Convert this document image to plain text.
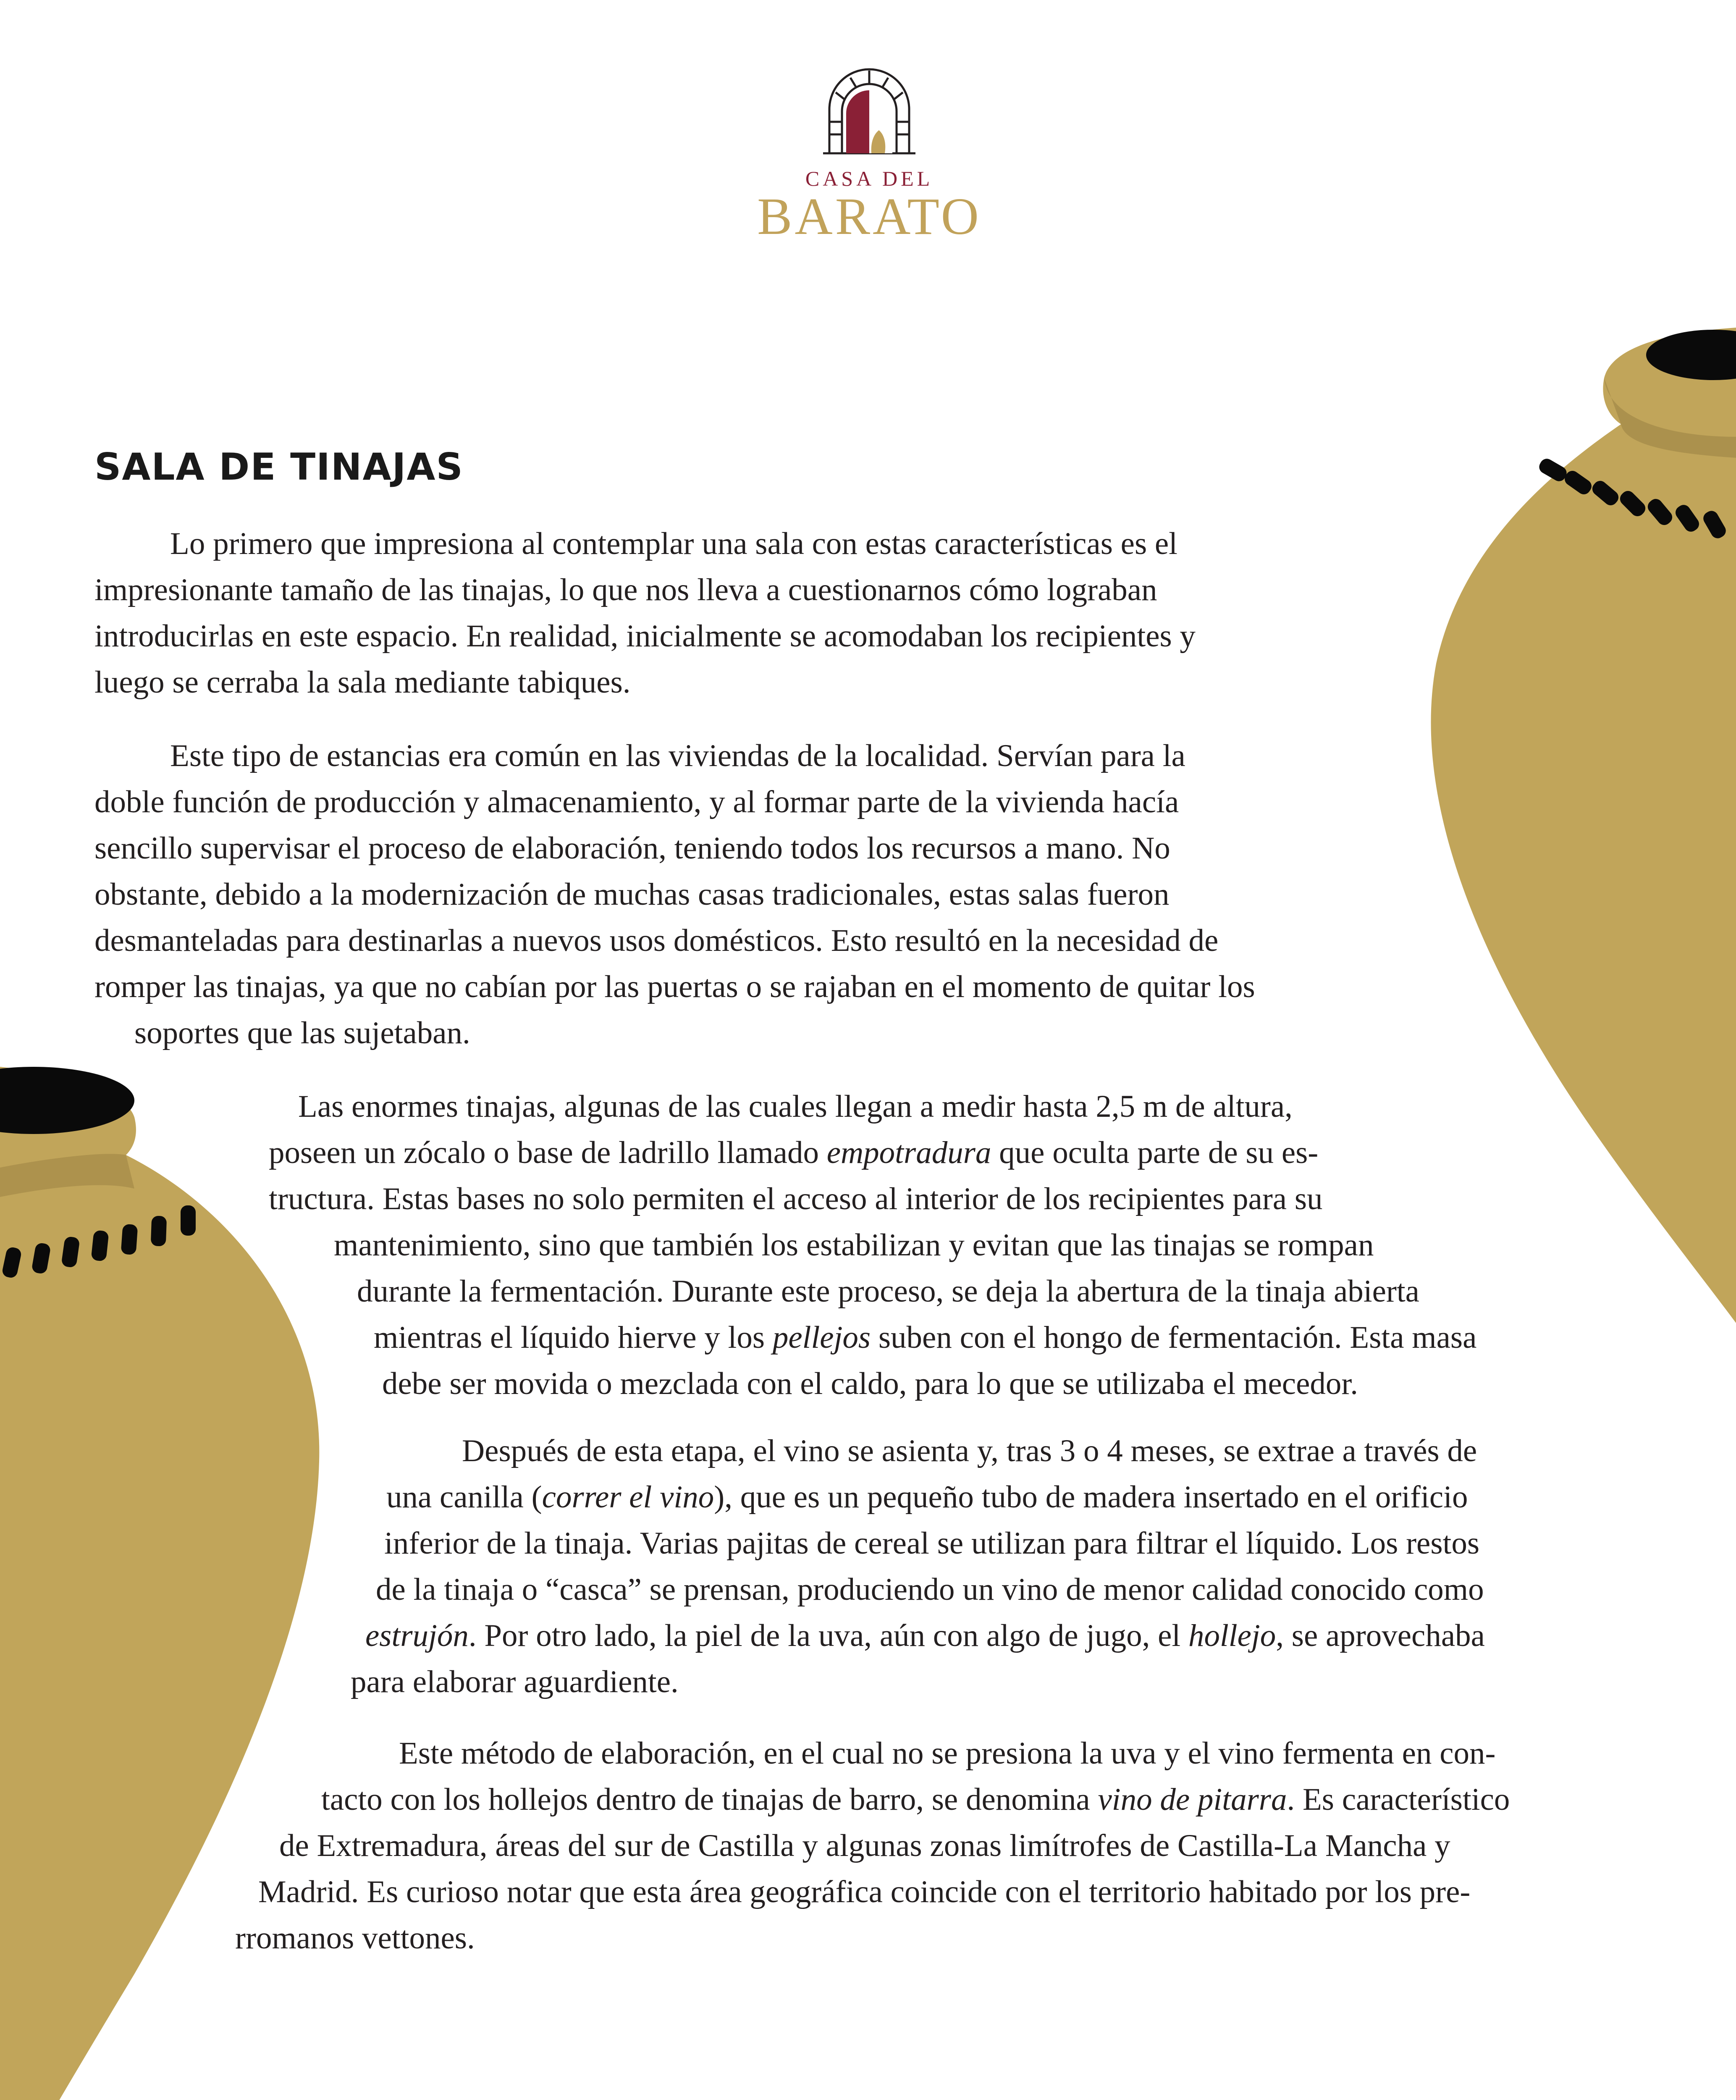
CASA DEL
BARATO
SALA DE TINAJAS
Lo primero que impresiona al contemplar una sala con estas características es el
impresionante tamaño de las tinajas, lo que nos lleva a cuestionarnos cómo lograban
introducirlas en este espacio. En realidad, inicialmente se acomodaban los recipientes y
luego se cerraba la sala mediante tabiques.
Este tipo de estancias era común en las viviendas de la localidad. Servían para la
doble función de producción y almacenamiento, y al formar parte de la vivienda hacía
sencillo supervisar el proceso de elaboración, teniendo todos los recursos a mano. No
obstante, debido a la modernización de muchas casas tradicionales, estas salas fueron
desmanteladas para destinarlas a nuevos usos domésticos. Esto resultó en la necesidad de
romper las tinajas, ya que no cabían por las puertas o se rajaban en el momento de quitar los
soportes que las sujetaban.
Las enormes tinajas, algunas de las cuales llegan a medir hasta 2,5 m de altura,
poseen un zócalo o base de ladrillo llamado empotradura que oculta parte de su es-
tructura. Estas bases no solo permiten el acceso al interior de los recipientes para su
mantenimiento, sino que también los estabilizan y evitan que las tinajas se rompan
durante la fermentación. Durante este proceso, se deja la abertura de la tinaja abierta
mientras el líquido hierve y los pellejos suben con el hongo de fermentación. Esta masa
debe ser movida o mezclada con el caldo, para lo que se utilizaba el mecedor.
Después de esta etapa, el vino se asienta y, tras 3 o 4 meses, se extrae a través de
una canilla (correr el vino), que es un pequeño tubo de madera insertado en el orificio
inferior de la tinaja. Varias pajitas de cereal se utilizan para filtrar el líquido. Los restos
de la tinaja o “casca” se prensan, produciendo un vino de menor calidad conocido como
estrujón. Por otro lado, la piel de la uva, aún con algo de jugo, el hollejo, se aprovechaba
para elaborar aguardiente.
Este método de elaboración, en el cual no se presiona la uva y el vino fermenta en con-
tacto con los hollejos dentro de tinajas de barro, se denomina vino de pitarra. Es característico
de Extremadura, áreas del sur de Castilla y algunas zonas limítrofes de Castilla-La Mancha y
Madrid. Es curioso notar que esta área geográfica coincide con el territorio habitado por los pre-
rromanos vettones.
